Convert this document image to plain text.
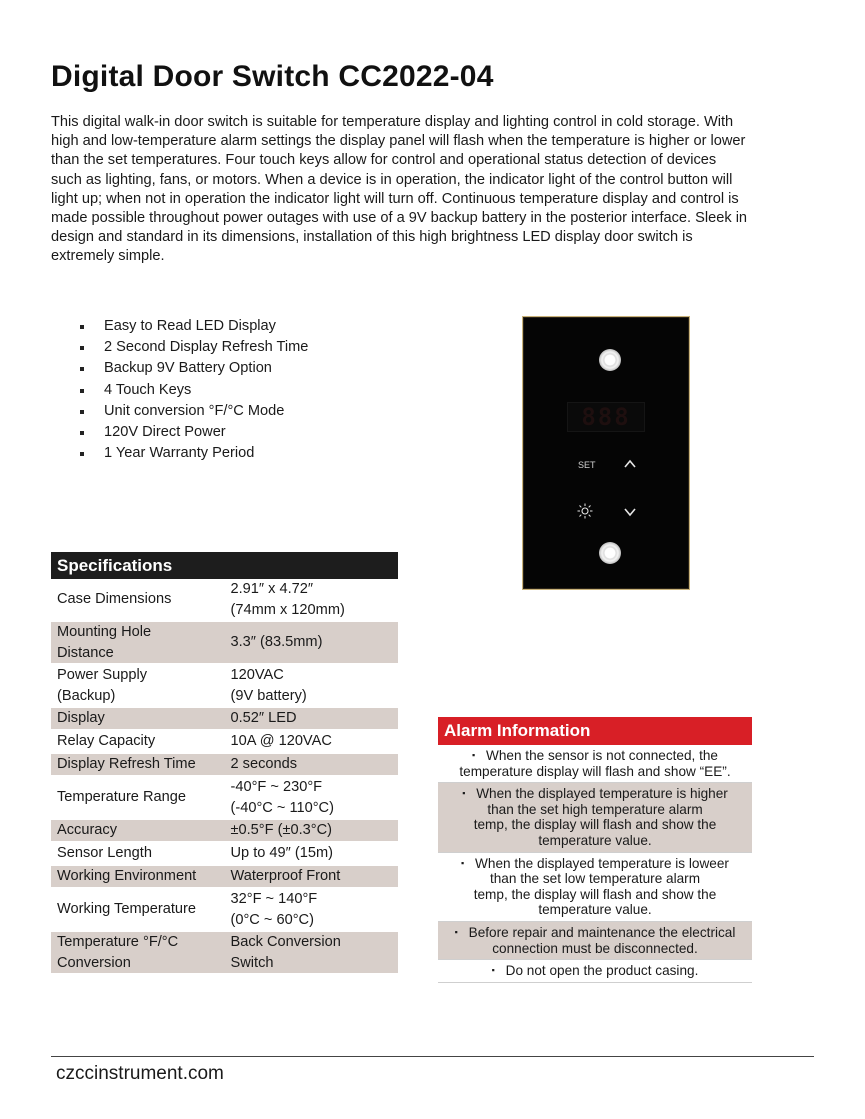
Digital Door Switch CC2022-04

This digital walk-in door switch is suitable for temperature display and lighting control in cold storage. With high and low-temperature alarm settings the display panel will flash when the temperature is higher or lower than the set temperatures. Four touch keys allow for control and operational status detection of devices such as lighting, fans, or motors. When a device is in operation, the indicator light of the control button will light up; when not in operation the indicator light will turn off. Continuous temperature display and control is made possible throughout power outages with use of a 9V backup battery in the posterior interface. Sleek in design and standard in its dimensions, installation of this high brightness LED display door switch is extremely simple.

Easy to Read LED Display
2 Second Display Refresh Time
Backup 9V Battery Option
4 Touch Keys
Unit conversion °F/°C Mode
120V Direct Power
1 Year Warranty Period
888
SET
Specifications	
Case Dimensions	2.91″ x 4.72″
(74mm x 120mm)
Mounting Hole
Distance	3.3″ (83.5mm)
Power Supply
(Backup)	120VAC
(9V battery)
Display	0.52″ LED
Relay Capacity	10A @ 120VAC
Display Refresh Time	2 seconds
Temperature Range	-40°F ~ 230°F
(-40°C ~ 110°C)
Accuracy	±0.5°F (±0.3°C)
Sensor Length	Up to 49″ (15m)
Working Environment	Waterproof Front
Working Temperature	32°F ~ 140°F
(0°C ~ 60°C)
Temperature °F/°C
Conversion	Back Conversion
Switch
Alarm Information
▪When the sensor is not connected, the
temperature display will flash and show “EE”.
▪When the displayed temperature is higher
than the set high temperature alarm
temp, the display will flash and show the
temperature value.
▪When the displayed temperature is loweer
than the set low temperature alarm
temp, the display will flash and show the
temperature value.
▪Before repair and maintenance the electrical
connection must be disconnected.
▪Do not open the product casing.
czccinstrument.com
